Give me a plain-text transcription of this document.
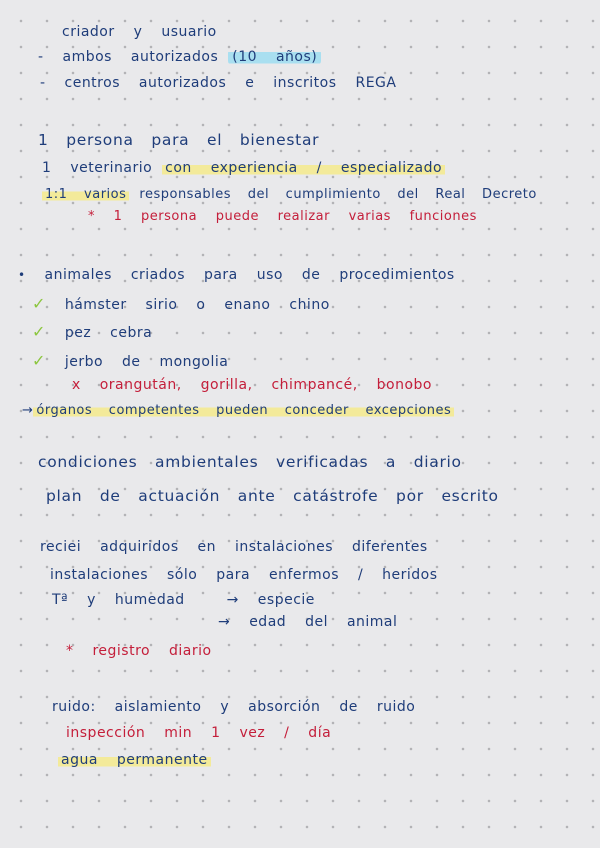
criador y usuario
- ambos autorizados (10 años)
- centros autorizados e inscritos REGA
1 persona para el bienestar
1 veterinario con experiencia / especializado
1:1 varios responsables del cumplimiento del Real Decreto
* 1 persona puede realizar varias funciones
• animales criados para uso de procedimientos
✓ hámster sirio o enano chino
✓ pez cebra
✓ jerbo de mongolia
x orangután, gorilla, chimpancé, bonobo
→ órganos competentes pueden conceder excepciones
condiciones ambientales verificadas a diario
plan de actuación ante catástrofe por escrito
reciei adquiridos en instalaciones diferentes
instalaciones sólo para enfermos / heridos
Tª y humedad	→ especie
→ edad del animal
* registro diario
ruido: aislamiento y absorción de ruido
inspección min 1 vez / día
agua permanente
